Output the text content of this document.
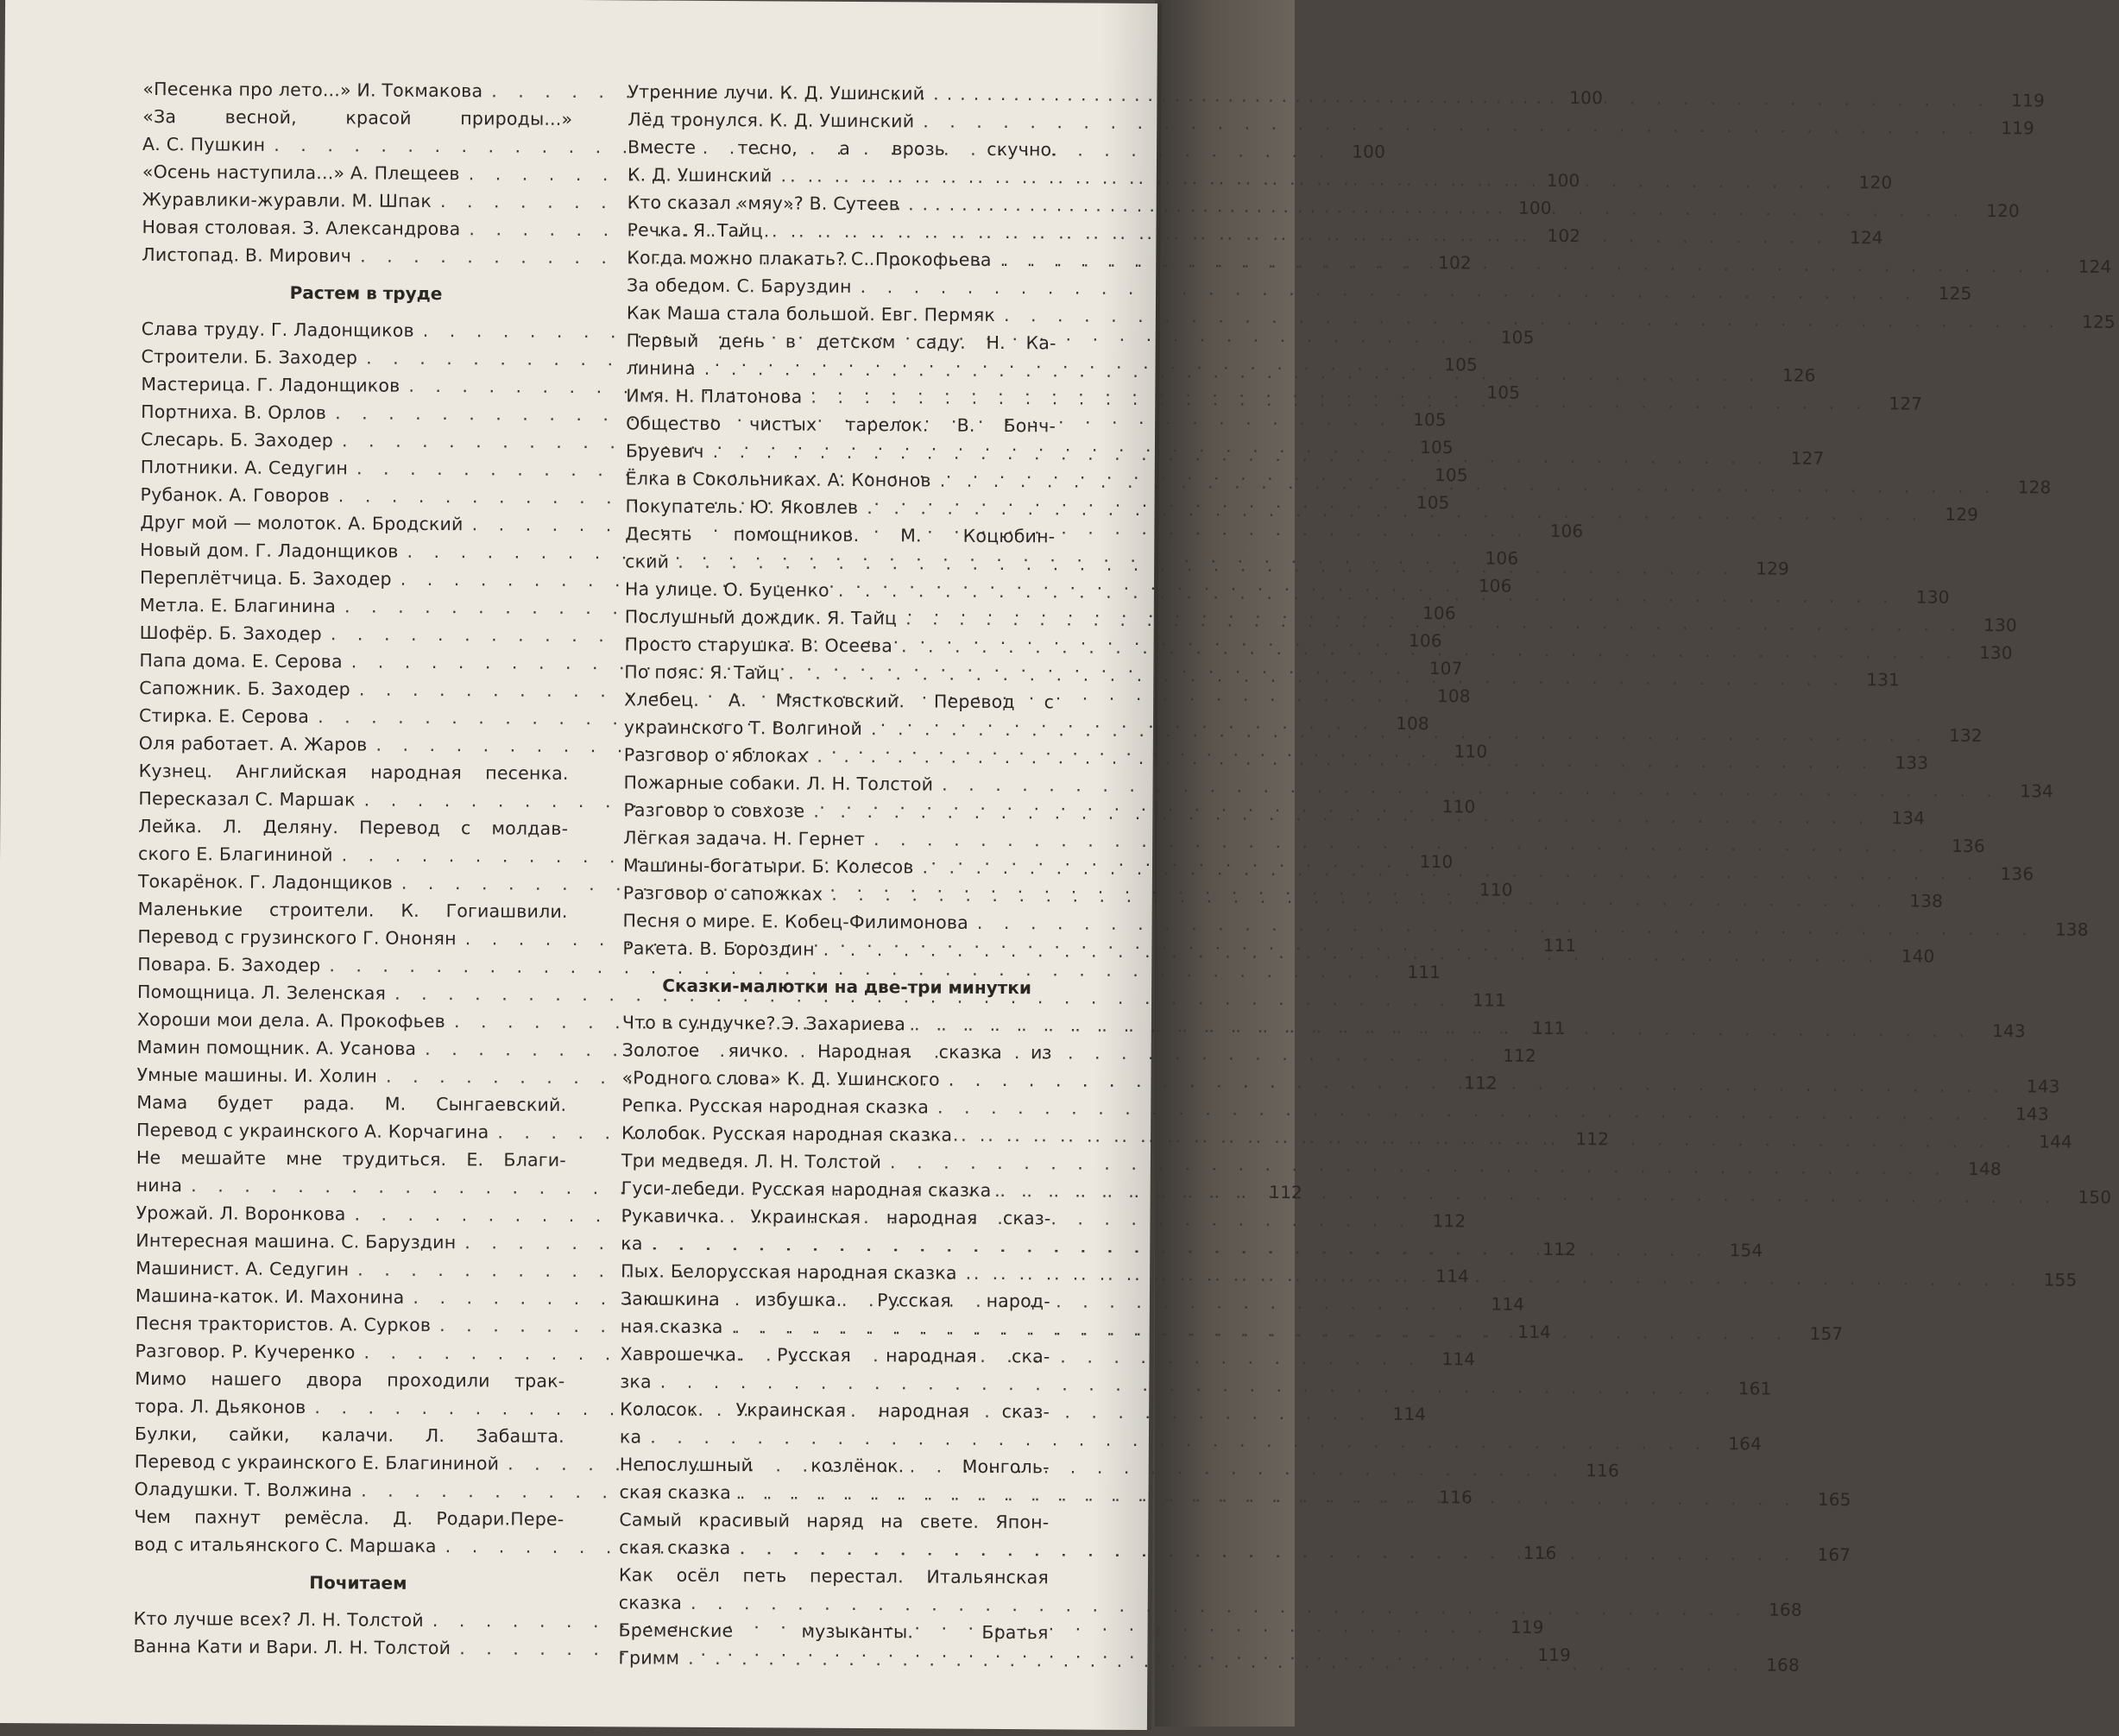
«Песенка про лето...» И. Токмакова . . .	100
«За весной, красой природы...»
А. С. Пушкин . . .	100
«Осень наступила...» А. Плещеев . . .	100
Журавлики-журавли. М. Шпак . . .	100
Новая столовая. З. Александрова . . .	102
Листопад. В. Мирович . . .	102
Растем в труде
Слава труду. Г. Ладонщиков . . .	105
Строители. Б. Заходер . . .	105
Мастерица. Г. Ладонщиков . . .	105
Портниха. В. Орлов . . .	105
Слесарь. Б. Заходер . . .	105
Плотники. А. Седугин . . .	105
Рубанок. А. Говоров . . .	105
Друг мой — молоток. А. Бродский . . .	106
Новый дом. Г. Ладонщиков . . .	106
Переплётчица. Б. Заходер . . .	106
Метла. Е. Благинина . . .	106
Шофёр. Б. Заходер . . .	106
Папа дома. Е. Серова . . .	107
Сапожник. Б. Заходер . . .	108
Стирка. Е. Серова . . .	108
Оля работает. А. Жаров . . .	110
Кузнец. Английская народная песенка.
Пересказал С. Маршак . . .	110
Лейка. Л. Деляну. Перевод с молдав-
ского Е. Благининой . . .	110
Токарёнок. Г. Ладонщиков . . .	110
Маленькие строители. К. Гогиашвили.
Перевод с грузинского Г. Ононян . . .	111
Повара. Б. Заходер . . .	111
Помощница. Л. Зеленская . . .	111
Хороши мои дела. А. Прокофьев . . .	111
Мамин помощник. А. Усанова . . .	112
Умные машины. И. Холин . . .	112
Мама будет рада. М. Сынгаевский.
Перевод с украинского А. Корчагина . . .	112
Не мешайте мне трудиться. Е. Благи-
нина . . .	112
Урожай. Л. Воронкова . . .	112
Интересная машина. С. Баруздин . . .	112
Машинист. А. Седугин . . .	114
Машина-каток. И. Махонина . . .	114
Песня трактористов. А. Сурков . . .	114
Разговор. Р. Кучеренко . . .	114
Мимо нашего двора проходили трак-
тора. Л. Дьяконов . . .	114
Булки, сайки, калачи. Л. Забашта.
Перевод с украинского Е. Благининой . . .	116
Оладушки. Т. Волжина . . .	116
Чем пахнут ремёсла. Д. Родари.Пере-
вод с итальянского С. Маршака . . .	116
Почитаем
Кто лучше всех? Л. Н. Толстой . . .	119
Ванна Кати и Вари. Л. Н. Толстой . . .	119
Утренние лучи. К. Д. Ушинский . . .	119
Лёд тронулся. К. Д. Ушинский . . .	119
Вместе тесно, а врозь скучно.
К. Д. Ушинский . . .	120
Кто сказал «мяу»? В. Сутеев . . .	120
Речка. Я. Тайц . . .	124
Когда можно плакать? С. Прокофьева . . .	124
За обедом. С. Баруздин . . .	125
Как Маша стала большой. Евг. Пермяк . . .	125
Первый день в детском саду. Н. Ка-
линина . . .	126
Имя. Н. Платонова . . .	127
Общество чистых тарелок. В. Бонч-
Бруевич . . .	127
Ёлка в Сокольниках. А. Кононов . . .	128
Покупатель. Ю. Яковлев . . .	129
Десять помощников. М. Коцюбин-
ский . . .	129
На улице. О. Буценко . . .	130
Послушный дождик. Я. Тайц . . .	130
Просто старушка. В. Осеева . . .	130
По пояс. Я. Тайц . . .	131
Хлебец. А. Мястковский. Перевод с
украинского Т. Волгиной . . .	132
Разговор о яблоках . . .	133
Пожарные собаки. Л. Н. Толстой . . .	134
Разговор о совхозе . . .	134
Лёгкая задача. Н. Гернет . . .	136
Машины-богатыри. Б. Колесов . . .	136
Разговор о сапожках . . .	138
Песня о мире. Е. Кобец-Филимонова . . .	138
Ракета. В. Бороздин . . .	140
Сказки-малютки на две-три минутки
Что в сундучке? Э. Захариева . . .	143
Золотое яичко. Народная сказка из
«Родного слова» К. Д. Ушинского . . .	143
Репка. Русская народная сказка . . .	143
Колобок. Русская народная сказка . . .	144
Три медведя. Л. Н. Толстой . . .	148
Гуси-лебеди. Русская народная сказка . . .	150
Рукавичка. Украинская народная сказ-
ка . . .	154
Пых. Белорусская народная сказка . . .	155
Заюшкина избушка. Русская народ-
ная сказка . . .	157
Хаврошечка. Русская народная ска-
зка . . .	161
Колосок. Украинская народная сказ-
ка . . .	164
Непослушный козлёнок. Монголь-
ская сказка . . .	165
Самый красивый наряд на свете. Япон-
ская сказка . . .	167
Как осёл петь перестал. Итальянская
сказка . . .	168
Бременские музыканты. Братья
Гримм . . .	168
